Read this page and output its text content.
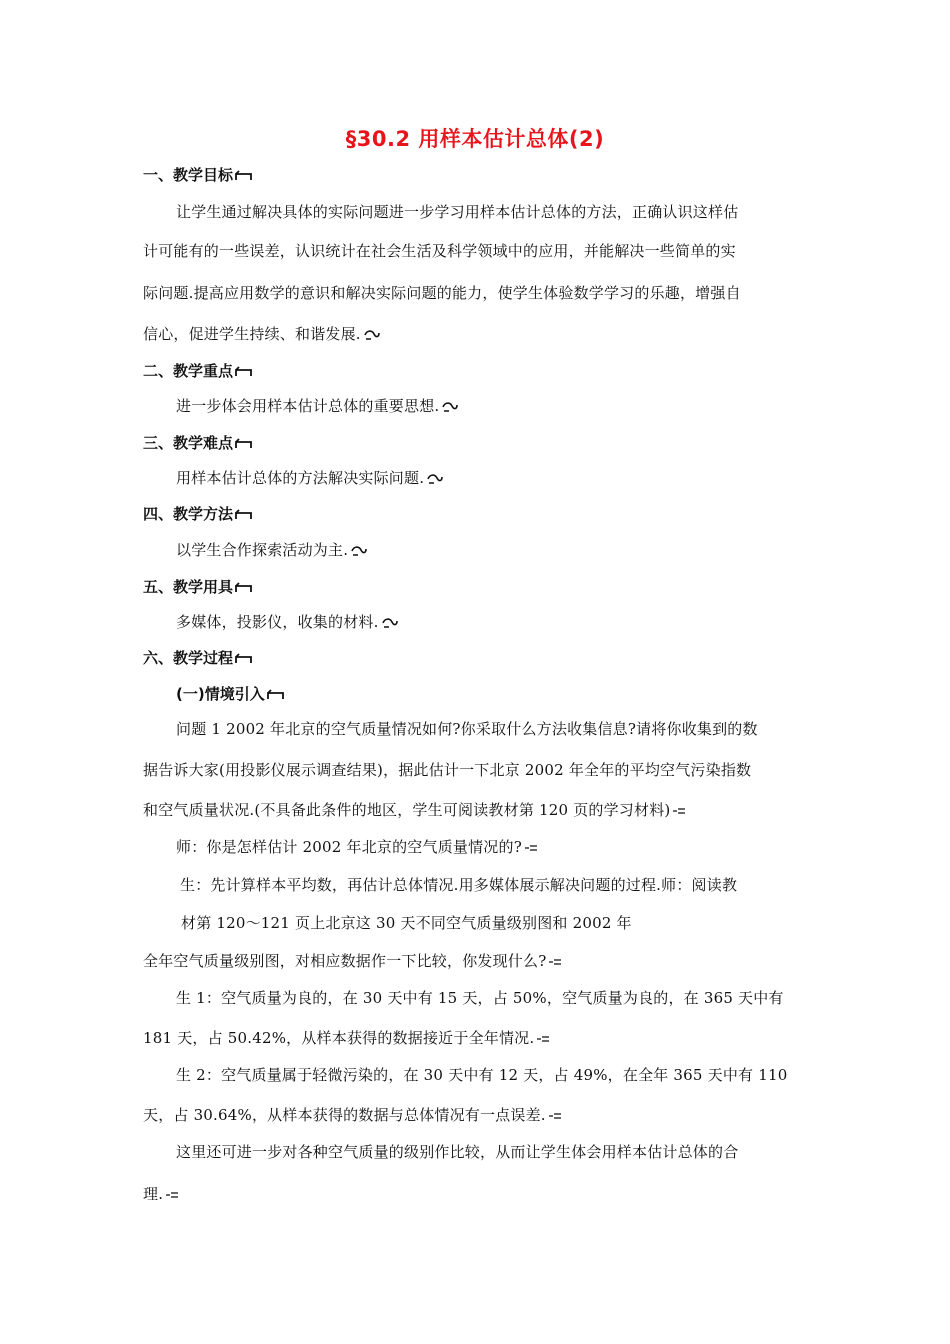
§30.2 用样本估计总体(2)
一、教学目标
让学生通过解决具体的实际问题进一步学习用样本估计总体的方法，正确认识这样估
计可能有的一些误差，认识统计在社会生活及科学领域中的应用，并能解决一些简单的实
际问题.提高应用数学的意识和解决实际问题的能力，使学生体验数学学习的乐趣，增强自
信心，促进学生持续、和谐发展.
二、教学重点
进一步体会用样本估计总体的重要思想.
三、教学难点
用样本估计总体的方法解决实际问题.
四、教学方法
以学生合作探索活动为主.
五、教学用具
多媒体，投影仪，收集的材料.
六、教学过程
(一)情境引入
问题 1 2002 年北京的空气质量情况如何?你采取什么方法收集信息?请将你收集到的数
据告诉大家(用投影仪展示调查结果)，据此估计一下北京 2002 年全年的平均空气污染指数
和空气质量状况.(不具备此条件的地区，学生可阅读教材第 120 页的学习材料)
师：你是怎样估计 2002 年北京的空气质量情况的?
生：先计算样本平均数，再估计总体情况.用多媒体展示解决问题的过程.师：阅读教
材第 120～121 页上北京这 30 天不同空气质量级别图和 2002 年
全年空气质量级别图，对相应数据作一下比较，你发现什么?
生 1：空气质量为良的，在 30 天中有 15 天，占 50%，空气质量为良的，在 365 天中有
181 天，占 50.42%，从样本获得的数据接近于全年情况.
生 2：空气质量属于轻微污染的，在 30 天中有 12 天，占 49%，在全年 365 天中有 110
天，占 30.64%，从样本获得的数据与总体情况有一点误差.
这里还可进一步对各种空气质量的级别作比较，从而让学生体会用样本估计总体的合
理.
